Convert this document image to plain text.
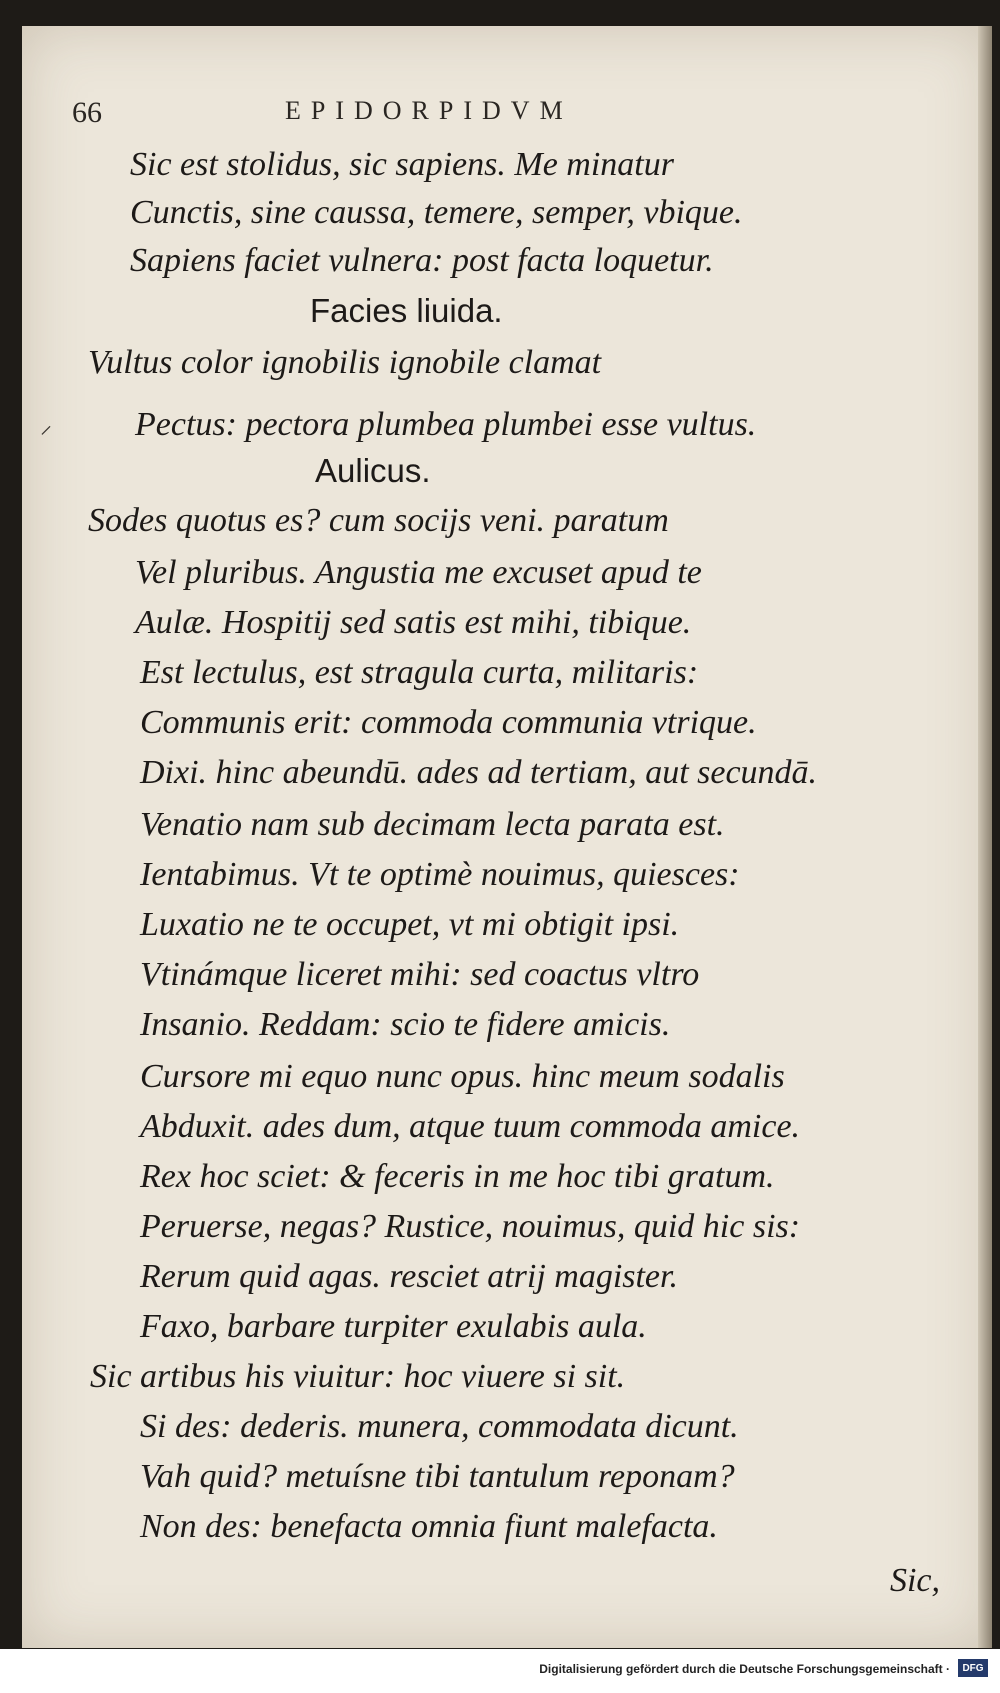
66	EPIDORPIDVM
⸍
Sic est stolidus, sic sapiens. Me minatur
Cunctis, sine caussa, temere, semper, vbique.
Sapiens faciet vulnera: post facta loquetur.
Facies liuida.
Vultus color ignobilis ignobile clamat
Pectus: pectora plumbea plumbei esse vultus.
Aulicus.
Sodes quotus es? cum socijs veni. paratum
Vel pluribus. Angustia me excuset apud te
Aulæ. Hospitij sed satis est mihi, tibique.
Est lectulus, est stragula curta, militaris:
Communis erit: commoda communia vtrique.
Dixi. hinc abeundū. ades ad tertiam, aut secundā.
Venatio nam sub decimam lecta parata est.
Ientabimus. Vt te optimè nouimus, quiesces:
Luxatio ne te occupet, vt mi obtigit ipsi.
Vtinámque liceret mihi: sed coactus vltro
Insanio. Reddam: scio te fidere amicis.
Cursore mi equo nunc opus. hinc meum sodalis
Abduxit. ades dum, atque tuum commoda amice.
Rex hoc sciet: & feceris in me hoc tibi gratum.
Peruerse, negas? Rustice, nouimus, quid hic sis:
Rerum quid agas. resciet atrij magister.
Faxo, barbare turpiter exulabis aula.
Sic artibus his viuitur: hoc viuere si sit.
Si des: dederis. munera, commodata dicunt.
Vah quid? metuísne tibi tantulum reponam?
Non des: benefacta omnia fiunt malefacta.
Sic,
Digitalisierung gefördert durch die Deutsche Forschungsgemeinschaft ·	DFG
